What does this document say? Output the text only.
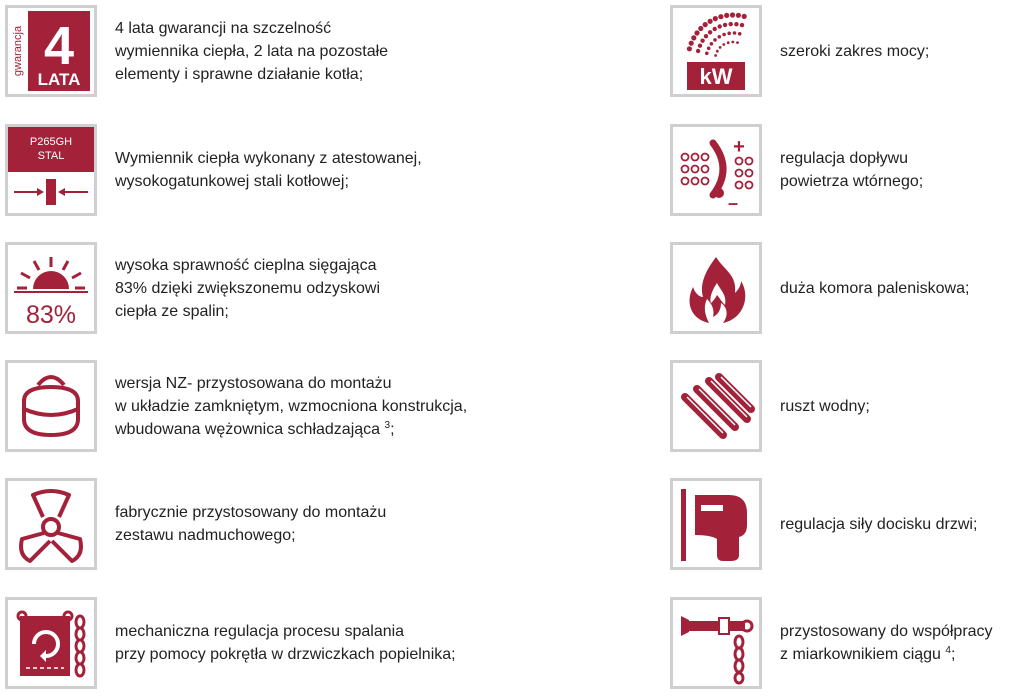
gwarancja 4
LATA
4 lata gwarancji na szczelność
wymiennika ciepła, 2 lata na pozostałe
elementy i sprawne działanie kotła;
P265GH
STAL	Wymiennik ciepła wykonany z atestowanej,
wysokogatunkowej stali kotłowej;
83%
wysoka sprawność cieplna sięgająca
83% dzięki zwiększonemu odzyskowi
ciepła ze spalin;
wersja NZ- przystosowana do montażu
w układzie zamkniętym, wzmocniona konstrukcja,
wbudowana wężownica schładzająca $^3$;
fabrycznie przystosowany do montażu
zestawu nadmuchowego;
mechaniczna regulacja procesu spalania
przy pomocy pokrętła w drzwiczkach popielnika;
kW
szeroki zakres mocy;
+
–
regulacja dopływu
powietrza wtórnego;
duża komora paleniskowa;
ruszt wodny;
regulacja siły docisku drzwi;
przystosowany do współpracy
z miarkownikiem ciągu $^4$;
